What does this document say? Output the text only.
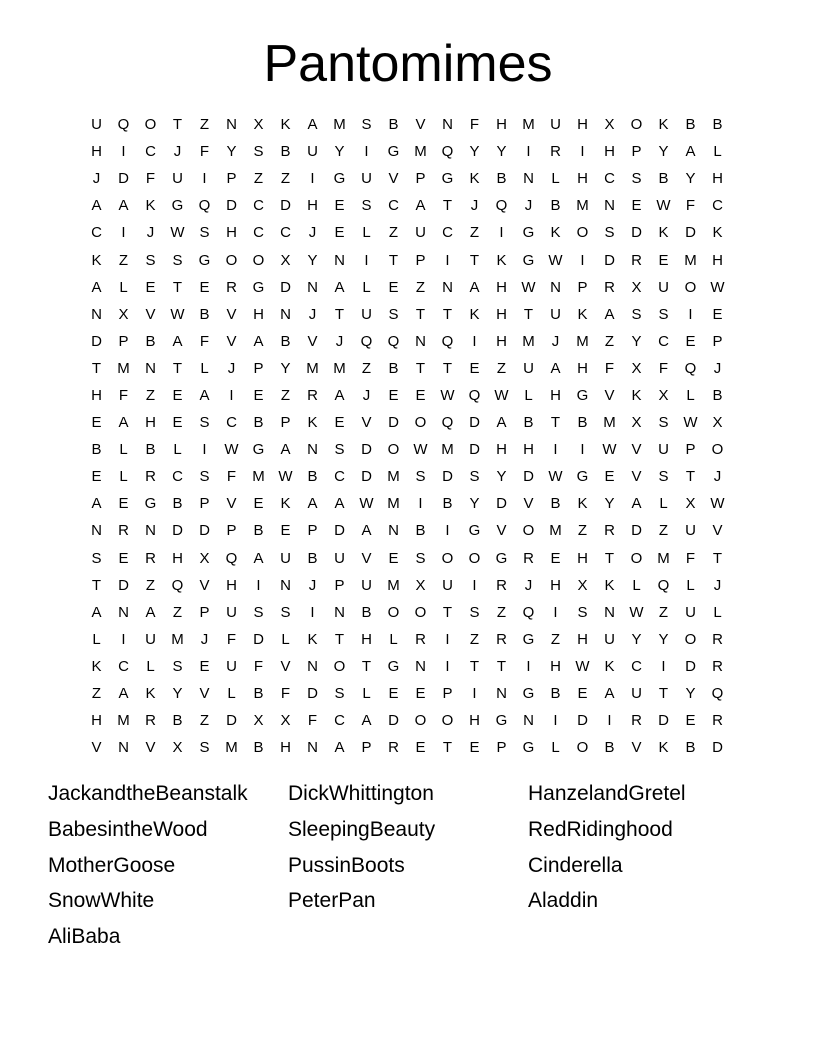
Pantomimes
U	Q	O	T	Z	N	X	K	A	M	S	B	V	N	F	H	M	U	H	X	O	K	B	B
H	I	C	J	F	Y	S	B	U	Y	I	G M Q	Y	Y	I	R	I	H	P	Y	A	L
J	D	F	U	I	P	Z	Z	I	G	U	V	P	G	K	B	N	L	H	C	S	B	Y	H
A	A	K	G	Q	D	C	D	H	E	S	C	A	T	J	Q	J	B	M	N	E W	F	C
C	I	J	W S	H	C	C	J	E	L	Z	U	C	Z	I	G	K	O	S	D	K	D	K
K	Z	S	S	G	O	O	X	Y	N	I	T	P	I	T	K	G W	I	D	R	E	M	H
A	L	E	T	E	R	G	D	N	A	L	E	Z	N	A	H W N	P	R	X	U	O W
N	X	V W B	V	H	N	J	T	U	S	T	T	K	H	T	U	K	A	S	S	I	E
D	P	B	A	F	V	A	B	V	J	Q	Q	N	Q	I	H	M	J	M	Z	Y	C	E	P
T	M	N	T	L	J	P	Y	M M	Z	B	T	T	E	Z	U	A	H	F	X	F	Q	J
H	F	Z	E	A	I	E	Z	R	A	J	E	E W Q W	L	H	G	V	K	X	L	B
E	A	H	E	S	C	B	P	K	E	V	D	O	Q	D	A	B	T	B	M	X	S W X
B	L	B	L	I	W G	A	N	S	D	O W M	D	H	H	I	I	W V	U	P	O
E	L	R	C	S	F	M W B	C	D	M	S	D	S	Y	D W G	E	V	S	T	J
A	E	G	B	P	V	E	K	A	A W M	I	B	Y	D	V	B	K	Y	A	L	X W
N	R	N	D	D	P	B	E	P	D	A	N	B	I	G	V	O M	Z	R	D	Z	U	V
S	E	R	H	X	Q	A	U	B	U	V	E	S	O	O	G	R	E	H	T	O M	F	T
T	D	Z	Q	V	H	I	N	J	P	U	M	X	U	I	R	J	H	X	K	L	Q	L	J
A	N	A	Z	P	U	S	S	I	N	B	O	O	T	S	Z	Q	I	S	N W	Z	U	L
L	I	U	M	J	F	D	L	K	T	H	L	R	I	Z	R	G	Z	H	U	Y	Y	O	R
K	C	L	S	E	U	F	V	N	O	T	G	N	I	T	T	I	H W K	C	I	D	R
Z	A	K	Y	V	L	B	F	D	S	L	E	E	P	I	N	G	B	E	A	U	T	Y	Q
H	M	R	B	Z	D	X	X	F	C	A	D	O	O	H	G	N	I	D	I	R	D	E	R
V	N	V	X	S	M	B	H	N	A	P	R	E	T	E	P	G	L	O	B	V	K	B	D
JackandtheBeanstalk	DickWhittington	HanzelandGretel
BabesintheWood	SleepingBeauty	RedRidinghood
MotherGoose	PussinBoots	Cinderella
SnowWhite	PeterPan	Aladdin
AliBaba
